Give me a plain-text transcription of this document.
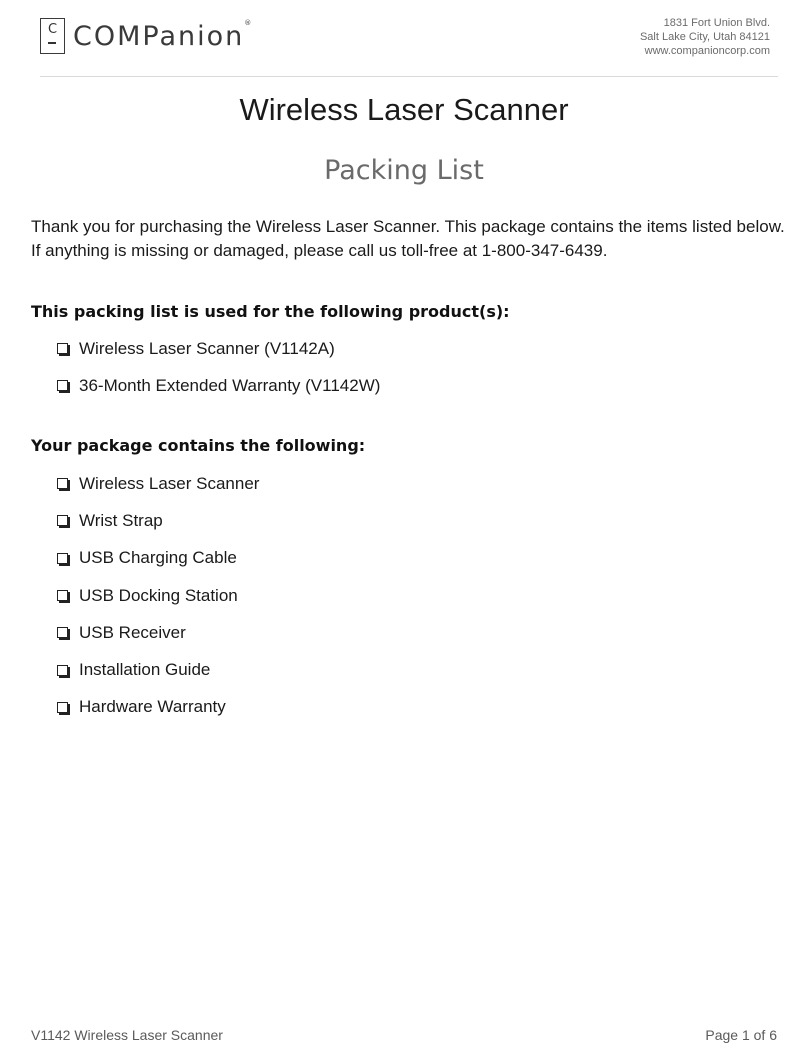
C COMPanion®	1831 Fort Union Blvd.
Salt Lake City, Utah 84121
www.companioncorp.com
Wireless Laser Scanner
Packing List

Thank you for purchasing the Wireless Laser Scanner. This package contains the items listed below. If anything is missing or damaged, please call us toll-free at 1-800-347-6439.

This packing list is used for the following product(s):
Wireless Laser Scanner (V1142A)
36-Month Extended Warranty (V1142W)
Your package contains the following:
Wireless Laser Scanner
Wrist Strap
USB Charging Cable
USB Docking Station
USB Receiver
Installation Guide
Hardware Warranty
V1142 Wireless Laser Scanner	Page 1 of 6
